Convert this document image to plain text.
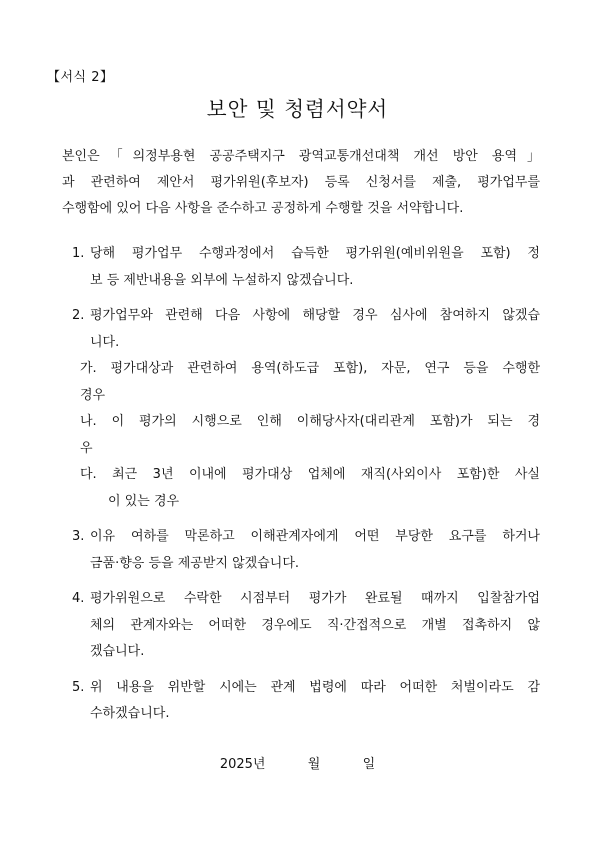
【서식 2】
보안 및 청렴서약서
본인은「의정부용현 공공주택지구 광역교통개선대책 개선 방안 용역」
과 관련하여 제안서 평가위원(후보자) 등록 신청서를 제출, 평가업무를
수행함에 있어 다음 사항을 준수하고 공정하게 수행할 것을 서약합니다.
1. 당해 평가업무 수행과정에서 습득한 평가위원(예비위원을 포함) 정
보 등 제반내용을 외부에 누설하지 않겠습니다.
2. 평가업무와 관련해 다음 사항에 해당할 경우 심사에 참여하지 않겠습
니다.
가. 평가대상과 관련하여 용역(하도급 포함), 자문, 연구 등을 수행한
경우
나. 이 평가의 시행으로 인해 이해당사자(대리관계 포함)가 되는 경
우
다. 최근 3년 이내에 평가대상 업체에 재직(사외이사 포함)한 사실
이 있는 경우
3. 이유 여하를 막론하고 이해관계자에게 어떤 부당한 요구를 하거나
금품·향응 등을 제공받지 않겠습니다.
4. 평가위원으로 수락한 시점부터 평가가 완료될 때까지 입찰참가업
체의 관계자와는 어떠한 경우에도 직·간접적으로 개별 접촉하지 않
겠습니다.
5. 위 내용을 위반할 시에는 관계 법령에 따라 어떠한 처벌이라도 감
수하겠습니다.
2025년	월	일
